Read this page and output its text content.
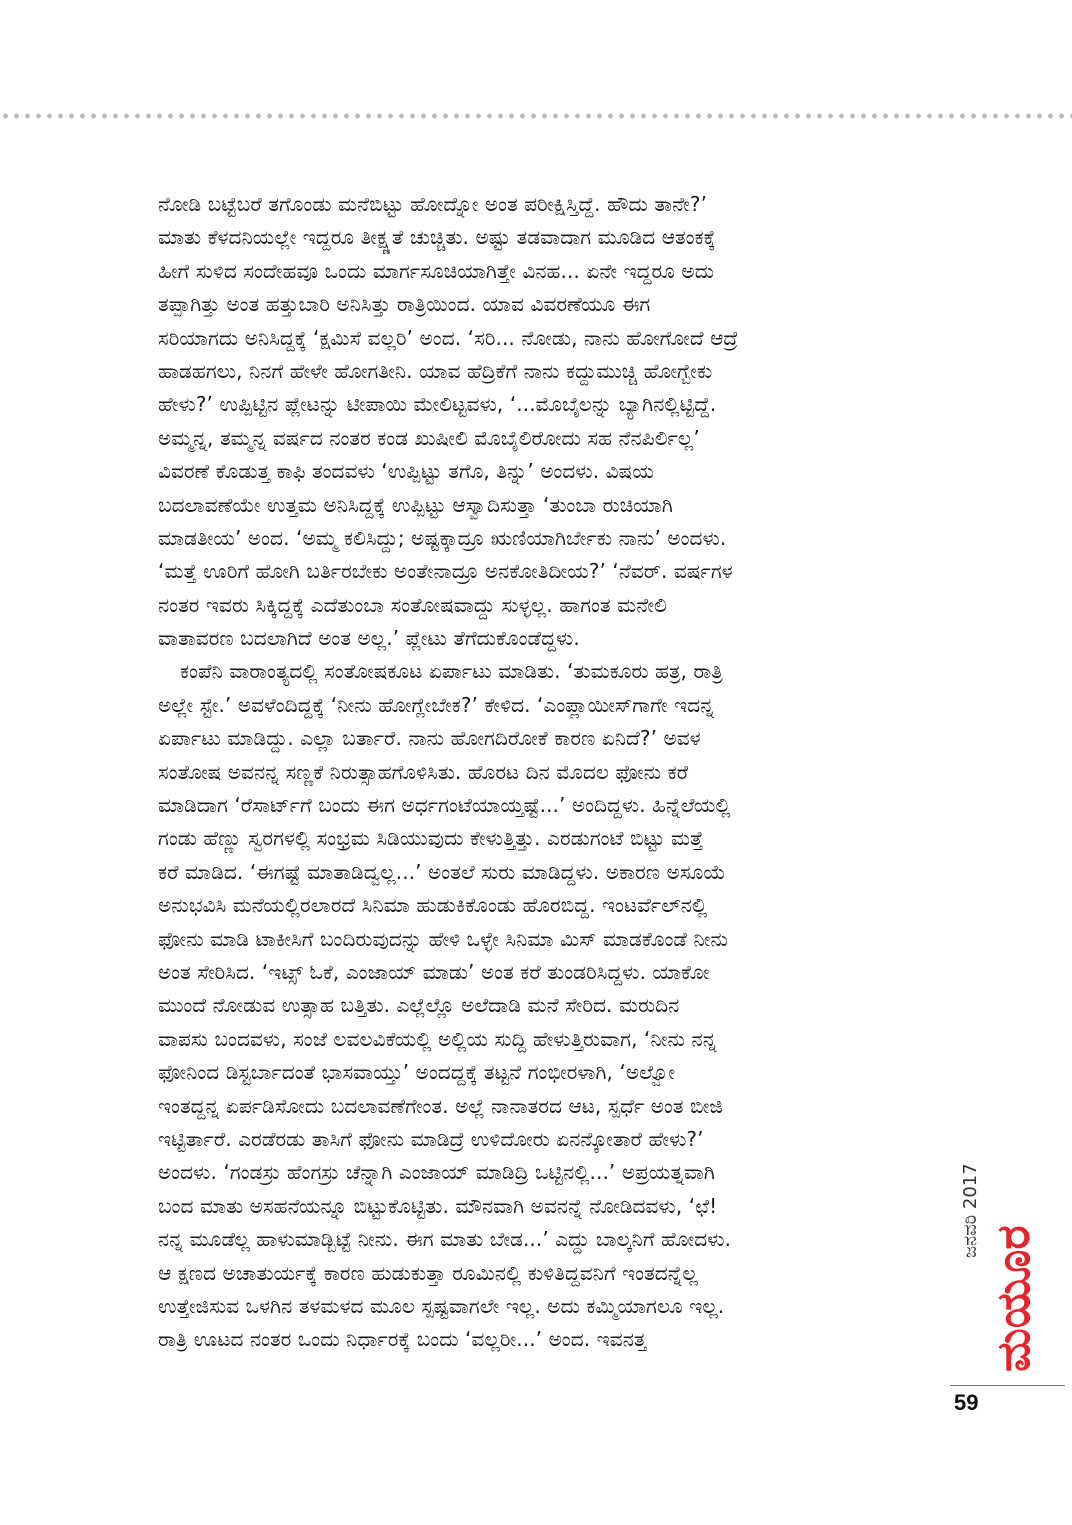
ನೋಡಿ ಬಟ್ಟೆಬರೆ ತಗೊಂಡು ಮನೆಬಿಟ್ಟು ಹೋದ್ನೋ ಅಂತ ಪರೀಕ್ಷಿಸ್ತಿದ್ದೆ. ಹೌದು ತಾನೇ?’
ಮಾತು ಕೆಳದನಿಯಲ್ಲೇ ಇದ್ದರೂ ತೀಕ್ಷ್ಣತೆ ಚುಚ್ಚಿತು. ಅಷ್ಟು ತಡವಾದಾಗ ಮೂಡಿದ ಆತಂಕಕ್ಕೆ
ಹೀಗೆ ಸುಳಿದ ಸಂದೇಹವೂ ಒಂದು ಮಾರ್ಗಸೂಚಿಯಾಗಿತ್ತೇ ವಿನಹ... ಏನೇ ಇದ್ದರೂ ಅದು
ತಪ್ಪಾಗಿತ್ತು ಅಂತ ಹತ್ತುಬಾರಿ ಅನಿಸಿತ್ತು ರಾತ್ರಿಯಿಂದ. ಯಾವ ವಿವರಣೆಯೂ ಈಗ
ಸರಿಯಾಗದು ಅನಿಸಿದ್ದಕ್ಕೆ ‘ಕ್ಷಮಿಸೆ ವಲ್ಲರಿ’ ಅಂದ. ‘ಸರಿ... ನೋಡು, ನಾನು ಹೋಗೋದೆ ಆದ್ರೆ
ಹಾಡಹಗಲು, ನಿನಗೆ ಹೇಳೇ ಹೋಗತೀನಿ. ಯಾವ ಹೆದ್ರಿಕೆಗೆ ನಾನು ಕದ್ದುಮುಚ್ಚಿ ಹೋಗ್ಬೇಕು
ಹೇಳು?’ ಉಪ್ಪಿಟ್ಟಿನ ಪ್ಲೇಟನ್ನು ಟೀಪಾಯಿ ಮೇಲಿಟ್ಟವಳು, ‘...ಮೊಬೈಲನ್ನು ಬ್ಯಾಗಿನಲ್ಲಿಟ್ಟಿದ್ದೆ.
ಅಮ್ಮನ್ನ, ತಮ್ಮನ್ನ ವರ್ಷದ ನಂತರ ಕಂಡ ಖುಷೀಲಿ ಮೊಬೈಲಿರೋದು ಸಹ ನೆನಪಿರ್ಲಿಲ್ಲ’
ವಿವರಣೆ ಕೊಡುತ್ತ ಕಾಫಿ ತಂದವಳು ‘ಉಪ್ಪಿಟ್ಟು ತಗೊ, ತಿನ್ನು’ ಅಂದಳು. ವಿಷಯ
ಬದಲಾವಣೆಯೇ ಉತ್ತಮ ಅನಿಸಿದ್ದಕ್ಕೆ ಉಪ್ಪಿಟ್ಟು ಆಸ್ವಾದಿಸುತ್ತಾ ‘ತುಂಬಾ ರುಚಿಯಾಗಿ
ಮಾಡತೀಯ’ ಅಂದ. ‘ಅಮ್ಮ ಕಲಿಸಿದ್ದು; ಅಷ್ಟಕ್ಕಾದ್ರೂ ಋಣಿಯಾಗಿರ್ಬೇಕು ನಾನು’ ಅಂದಳು.
‘ಮತ್ತೆ ಊರಿಗೆ ಹೋಗಿ ಬರ್ತಿರಬೇಕು ಅಂತೇನಾದ್ರೂ ಅನಕೋತಿದೀಯ?’ ‘ನೆವರ್. ವರ್ಷಗಳ
ನಂತರ ಇವರು ಸಿಕ್ಕಿದ್ದಕ್ಕೆ ಎದೆತುಂಬಾ ಸಂತೋಷವಾದ್ದು ಸುಳ್ಳಲ್ಲ. ಹಾಗಂತ ಮನೇಲಿ
ವಾತಾವರಣ ಬದಲಾಗಿದೆ ಅಂತ ಅಲ್ಲ.’ ಪ್ಲೇಟು ತೆಗೆದುಕೊಂಡೆದ್ದಳು.
ಕಂಪೆನಿ ವಾರಾಂತ್ಯದಲ್ಲಿ ಸಂತೋಷಕೂಟ ಏರ್ಪಾಟು ಮಾಡಿತು. ‘ತುಮಕೂರು ಹತ್ರ, ರಾತ್ರಿ
ಅಲ್ಲೇ ಸ್ಟೇ.’ ಅವಳೆಂದಿದ್ದಕ್ಕೆ ‘ನೀನು ಹೋಗ್ಲೇಬೇಕ?’ ಕೇಳಿದ. ‘ಎಂಪ್ಲಾಯೀಸ್‌ಗಾಗೇ ಇದನ್ನ
ಏರ್ಪಾಟು ಮಾಡಿದ್ದು. ಎಲ್ಲಾ ಬರ್ತಾರೆ. ನಾನು ಹೋಗದಿರೋಕೆ ಕಾರಣ ಏನಿದೆ?’ ಅವಳ
ಸಂತೋಷ ಅವನನ್ನ ಸಣ್ಣಕೆ ನಿರುತ್ಸಾಹಗೊಳಿಸಿತು. ಹೊರಟ ದಿನ ಮೊದಲ ಫೋನು ಕರೆ
ಮಾಡಿದಾಗ ‘ರೆಸಾರ್ಟ್‌ಗೆ ಬಂದು ಈಗ ಅರ್ಧಗಂಟೆಯಾಯ್ತಷ್ಟೆ...’ ಅಂದಿದ್ದಳು. ಹಿನ್ನೆಲೆಯಲ್ಲಿ
ಗಂಡು ಹೆಣ್ಣು ಸ್ವರಗಳಲ್ಲಿ ಸಂಭ್ರಮ ಸಿಡಿಯುವುದು ಕೇಳುತ್ತಿತ್ತು. ಎರಡುಗಂಟೆ ಬಿಟ್ಟು ಮತ್ತೆ
ಕರೆ ಮಾಡಿದ. ‘ಈಗಷ್ಟೆ ಮಾತಾಡಿದ್ವಲ್ಲ...’ ಅಂತಲೆ ಸುರು ಮಾಡಿದ್ದಳು. ಅಕಾರಣ ಅಸೂಯೆ
ಅನುಭವಿಸಿ ಮನೆಯಲ್ಲಿರಲಾರದೆ ಸಿನಿಮಾ ಹುಡುಕಿಕೊಂಡು ಹೊರಬಿದ್ದ. ಇಂಟರ್ವೆಲ್‌ನಲ್ಲಿ
ಫೋನು ಮಾಡಿ ಟಾಕೀಸಿಗೆ ಬಂದಿರುವುದನ್ನು ಹೇಳಿ ಒಳ್ಳೇ ಸಿನಿಮಾ ಮಿಸ್ ಮಾಡಕೊಂಡೆ ನೀನು
ಅಂತ ಸೇರಿಸಿದ. ‘ಇಟ್ಸ್ ಓಕೆ, ಎಂಜಾಯ್ ಮಾಡು’ ಅಂತ ಕರೆ ತುಂಡರಿಸಿದ್ದಳು. ಯಾಕೋ
ಮುಂದೆ ನೋಡುವ ಉತ್ಸಾಹ ಬತ್ತಿತು. ಎಲ್ಲೆಲ್ಲೊ ಅಲೆದಾಡಿ ಮನೆ ಸೇರಿದ. ಮರುದಿನ
ವಾಪಸು ಬಂದವಳು, ಸಂಜೆ ಲವಲವಿಕೆಯಲ್ಲಿ ಅಲ್ಲಿಯ ಸುದ್ದಿ ಹೇಳುತ್ತಿರುವಾಗ, ‘ನೀನು ನನ್ನ
ಫೋನಿಂದ ಡಿಸ್ಟರ್ಬಾದಂತೆ ಭಾಸವಾಯ್ತು’ ಅಂದದ್ದಕ್ಕೆ ತಟ್ಟನೆ ಗಂಭೀರಳಾಗಿ, ‘ಅಲ್ವೋ
ಇಂತದ್ದನ್ನ ಏರ್ಪಡಿಸೋದು ಬದಲಾವಣೆಗೇಂತ. ಅಲ್ಲೆ ನಾನಾತರದ ಆಟ, ಸ್ಪರ್ಧೆ ಅಂತ ಬೀಜಿ
ಇಟ್ಟಿರ್ತಾರೆ. ಎರಡೆರಡು ತಾಸಿಗೆ ಫೋನು ಮಾಡಿದ್ರೆ ಉಳಿದೋರು ಏನನ್ಕೋತಾರೆ ಹೇಳು?’
ಅಂದಳು. ‘ಗಂಡಸ್ರು ಹೆಂಗಸ್ರು ಚೆನ್ನಾಗಿ ಎಂಜಾಯ್ ಮಾಡಿದ್ರಿ ಒಟ್ಟಿನಲ್ಲಿ...’ ಅಪ್ರಯತ್ನವಾಗಿ
ಬಂದ ಮಾತು ಅಸಹನೆಯನ್ನೂ ಬಿಟ್ಟುಕೊಟ್ಟಿತು. ಮೌನವಾಗಿ ಅವನನ್ನೆ ನೋಡಿದವಳು, ‘ಛೆ!
ನನ್ನ ಮೂಡೆಲ್ಲ ಹಾಳುಮಾಡ್ಬಿಟ್ಟೆ ನೀನು. ಈಗ ಮಾತು ಬೇಡ...’ ಎದ್ದು ಬಾಲ್ಕನಿಗೆ ಹೋದಳು.
ಆ ಕ್ಷಣದ ಅಚಾತುರ್ಯಕ್ಕೆ ಕಾರಣ ಹುಡುಕುತ್ತಾ ರೂಮಿನಲ್ಲಿ ಕುಳಿತಿದ್ದವನಿಗೆ ಇಂತದನ್ನೆಲ್ಲ
ಉತ್ತೇಜಿಸುವ ಒಳಗಿನ ತಳಮಳದ ಮೂಲ ಸ್ಪಷ್ಟವಾಗಲೇ ಇಲ್ಲ. ಅದು ಕಮ್ಮಿಯಾಗಲೂ ಇಲ್ಲ.
ರಾತ್ರಿ ಊಟದ ನಂತರ ಒಂದು ನಿರ್ಧಾರಕ್ಕೆ ಬಂದು ‘ವಲ್ಲರೀ...’ ಅಂದ. ಇವನತ್ತ
ಜನವರಿ 2017
ಮಯೂರ
59
